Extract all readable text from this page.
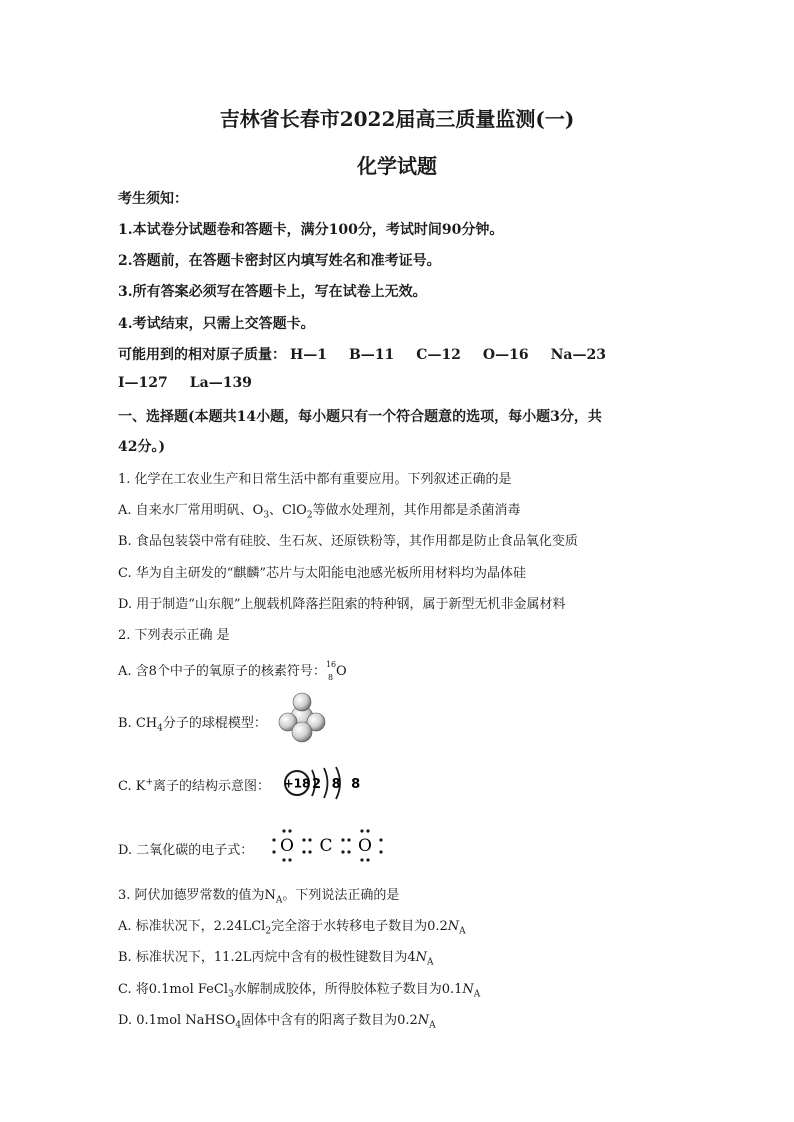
吉林省长春市2022届高三质量监测(一)
化学试题
考生须知：
1.本试卷分试题卷和答题卡，满分100分，考试时间90分钟。
2.答题前，在答题卡密封区内填写姓名和准考证号。
3.所有答案必须写在答题卡上，写在试卷上无效。
4.考试结束，只需上交答题卡。
可能用到的相对原子质量： H—1 B—11 C—12 O—16 Na—23
I—127 La—139
一、选择题(本题共14小题，每小题只有一个符合题意的选项，每小题3分，共
42分。)
1. 化学在工农业生产和日常生活中都有重要应用。下列叙述正确的是
A. 自来水厂常用明矾、$O_3$、ClO$_2$等做水处理剂，其作用都是杀菌消毒
B. 食品包装袋中常有硅胶、生石灰、还原铁粉等，其作用都是防止食品氧化变质
C. 华为自主研发的“麒麟”芯片与太阳能电池感光板所用材料均为晶体硅
D. 用于制造“山东舰”上舰载机降落拦阻索的特种钢，属于新型无机非金属材料
2. 下列表示正确 是
A. 含8个中子的氧原子的核素符号： 16
8 O
B. $CH_4$分子的球棍模型：
C. K+离子的结构示意图： +18 2 8 8
D. 二氧化碳的电子式： O C O
3. 阿伏加德罗常数的值为$N_A$。下列说法正确的是
A. 标准状况下，2.24LCl$_2$完全溶于水转移电子数目为$0.2N_A$
B. 标准状况下，11.2L丙烷中含有的极性键数目为$4N_A$
C. 将0.1mol FeCl$_3$水解制成胶体，所得胶体粒子数目为$0.1N_A$
D. 0.1mol NaHSO$_4$固体中含有的阳离子数目为$0.2N_A$
